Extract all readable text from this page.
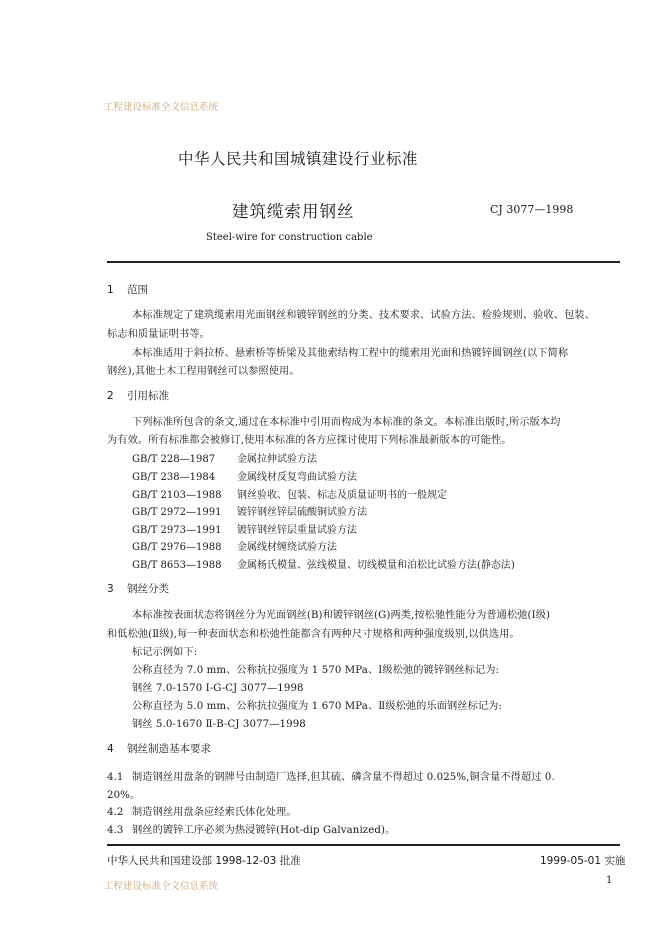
工程建设标准全文信息系统
中华人民共和国城镇建设行业标准
建筑缆索用钢丝	CJ 3077—1998
Steel-wire for construction cable
1 范围
本标准规定了建筑缆索用光面钢丝和镀锌钢丝的分类、技术要求、试验方法、检验规则、验收、包装、
标志和质量证明书等。
本标准适用于斜拉桥、悬索桥等桥梁及其他索结构工程中的缆索用光面和热镀锌圆钢丝(以下简称
钢丝),其他土木工程用钢丝可以参照使用。
2 引用标准
下列标准所包含的条文,通过在本标准中引用而构成为本标准的条文。本标准出版时,所示版本均
为有效。所有标准都会被修订,使用本标准的各方应探讨使用下列标准最新版本的可能性。
GB/T 228—1987 金属拉伸试验方法
GB/T 238—1984 金属线材反复弯曲试验方法
GB/T 2103—1988 钢丝验收、包装、标志及质量证明书的一般规定
GB/T 2972—1991 镀锌钢丝锌层硫酸铜试验方法
GB/T 2973—1991 镀锌钢丝锌层重量试验方法
GB/T 2976—1988 金属线材缠绕试验方法
GB/T 8653—1988 金属杨氏模量、弦线模量、切线模量和泊松比试验方法(静态法)
3 钢丝分类
本标准按表面状态将钢丝分为光面钢丝(B)和镀锌钢丝(G)两类,按松驰性能分为普通松弛(Ⅰ级)
和低松弛(Ⅱ级),每一种表面状态和松弛性能都含有两种尺寸规格和两种强度级别,以供选用。
标记示例如下:
公称直径为 7.0 mm、公称抗拉强度为 1 570 MPa、Ⅰ级松弛的镀锌钢丝标记为:
钢丝 7.0-1570 Ⅰ-G-CJ 3077—1998
公称直径为 5.0 mm、公称抗拉强度为 1 670 MPa、Ⅱ级松弛的乐面钢丝标记为:
钢丝 5.0-1670 Ⅱ-B-CJ 3077—1998
4 钢丝制造基本要求
4.1 制造钢丝用盘条的钢牌号由制造厂选择,但其硫、磷含量不得超过 0.025%,铜含量不得超过 0.
20%。
4.2 制造钢丝用盘条应经索氏体化处理。
4.3 钢丝的镀锌工序必须为热浸镀锌(Hot-dip Galvanized)。
中华人民共和国建设部 1998-12-03 批准	1999-05-01 实施
工程建设标准全文信息系统
1
